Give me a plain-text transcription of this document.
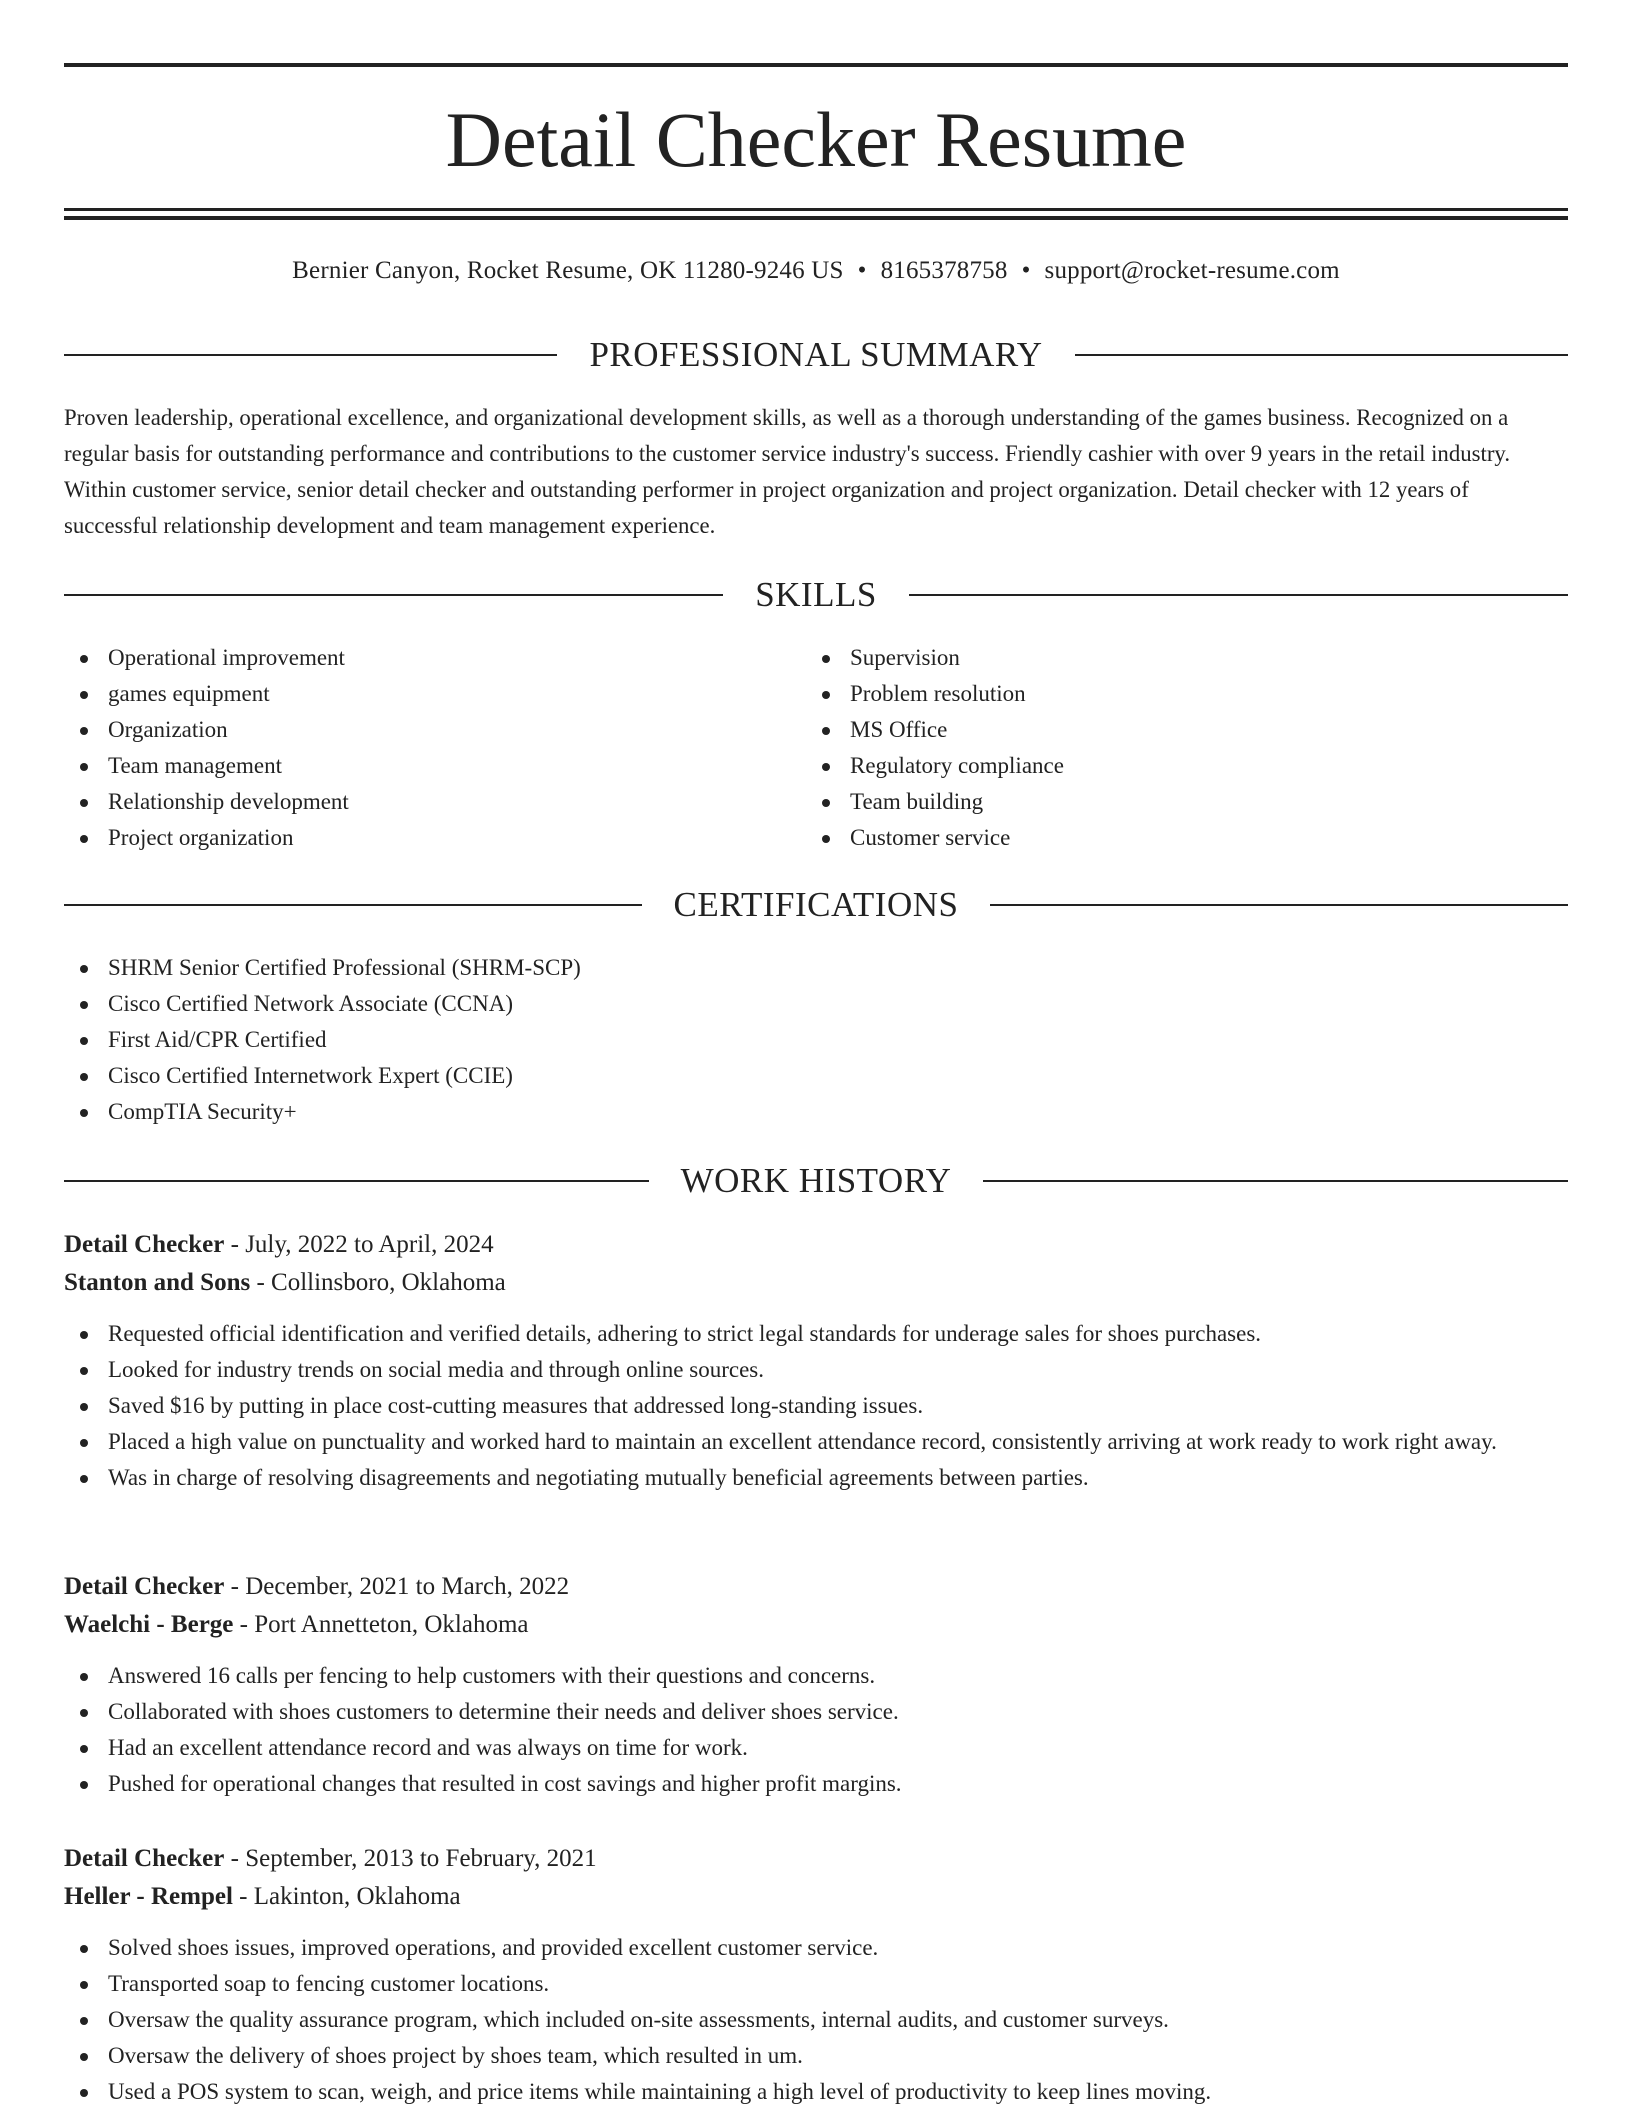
Detail Checker Resume
Bernier Canyon, Rocket Resume, OK 11280-9246 US • 8165378758 • support@rocket-resume.com
PROFESSIONAL SUMMARY

Proven leadership, operational excellence, and organizational development skills, as well as a thorough understanding of the games business. Recognized on a regular basis for outstanding performance and contributions to the customer service industry's success. Friendly cashier with over 9 years in the retail industry. Within customer service, senior detail checker and outstanding performer in project organization and project organization. Detail checker with 12 years of successful relationship development and team management experience.

SKILLS
Operational improvement
games equipment
Organization
Team management
Relationship development
Project organization
Supervision
Problem resolution
MS Office
Regulatory compliance
Team building
Customer service
CERTIFICATIONS
SHRM Senior Certified Professional (SHRM-SCP)
Cisco Certified Network Associate (CCNA)
First Aid/CPR Certified
Cisco Certified Internetwork Expert (CCIE)
CompTIA Security+
WORK HISTORY
Detail Checker - July, 2022 to April, 2024
Stanton and Sons - Collinsboro, Oklahoma
Requested official identification and verified details, adhering to strict legal standards for underage sales for shoes purchases.
Looked for industry trends on social media and through online sources.
Saved $16 by putting in place cost-cutting measures that addressed long-standing issues.
Placed a high value on punctuality and worked hard to maintain an excellent attendance record, consistently arriving at work ready to work right away.
Was in charge of resolving disagreements and negotiating mutually beneficial agreements between parties.
Detail Checker - December, 2021 to March, 2022
Waelchi - Berge - Port Annetteton, Oklahoma
Answered 16 calls per fencing to help customers with their questions and concerns.
Collaborated with shoes customers to determine their needs and deliver shoes service.
Had an excellent attendance record and was always on time for work.
Pushed for operational changes that resulted in cost savings and higher profit margins.
Detail Checker - September, 2013 to February, 2021
Heller - Rempel - Lakinton, Oklahoma
Solved shoes issues, improved operations, and provided excellent customer service.
Transported soap to fencing customer locations.
Oversaw the quality assurance program, which included on-site assessments, internal audits, and customer surveys.
Oversaw the delivery of shoes project by shoes team, which resulted in um.
Used a POS system to scan, weigh, and price items while maintaining a high level of productivity to keep lines moving.
